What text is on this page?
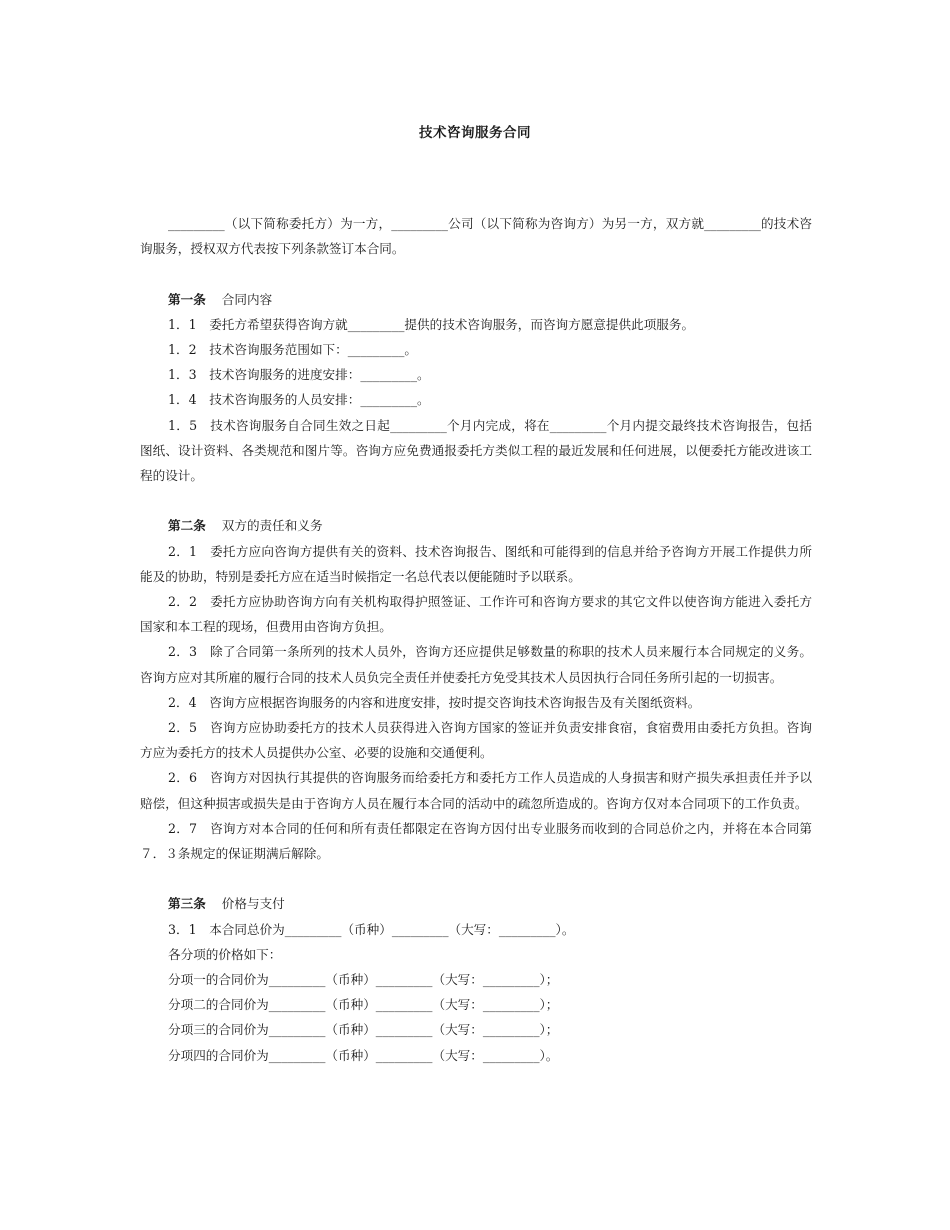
技术咨询服务合同

_________（以下简称委托方）为一方，_________公司（以下简称为咨询方）为另一方，双方就_________的技术咨询服务，授权双方代表按下列条款签订本合同。

第一条 合同内容

1．1　委托方希望获得咨询方就_________提供的技术咨询服务，而咨询方愿意提供此项服务。

1．2　技术咨询服务范围如下：_________。

1．3　技术咨询服务的进度安排：_________。

1．4　技术咨询服务的人员安排：_________。

1．5　技术咨询服务自合同生效之日起_________个月内完成，将在_________个月内提交最终技术咨询报告，包括图纸、设计资料、各类规范和图片等。咨询方应免费通报委托方类似工程的最近发展和任何进展，以便委托方能改进该工程的设计。

第二条 双方的责任和义务

2．1　委托方应向咨询方提供有关的资料、技术咨询报告、图纸和可能得到的信息并给予咨询方开展工作提供力所能及的协助，特别是委托方应在适当时候指定一名总代表以便能随时予以联系。

2．2　委托方应协助咨询方向有关机构取得护照签证、工作许可和咨询方要求的其它文件以使咨询方能进入委托方国家和本工程的现场，但费用由咨询方负担。

2．3　除了合同第一条所列的技术人员外，咨询方还应提供足够数量的称职的技术人员来履行本合同规定的义务。咨询方应对其所雇的履行合同的技术人员负完全责任并使委托方免受其技术人员因执行合同任务所引起的一切损害。

2．4　咨询方应根据咨询服务的内容和进度安排，按时提交咨询技术咨询报告及有关图纸资料。

2．5　咨询方应协助委托方的技术人员获得进入咨询方国家的签证并负责安排食宿，食宿费用由委托方负担。咨询方应为委托方的技术人员提供办公室、必要的设施和交通便利。

2．6　咨询方对因执行其提供的咨询服务而给委托方和委托方工作人员造成的人身损害和财产损失承担责任并予以赔偿，但这种损害或损失是由于咨询方人员在履行本合同的活动中的疏忽所造成的。咨询方仅对本合同项下的工作负责。

2．7　咨询方对本合同的任何和所有责任都限定在咨询方因付出专业服务而收到的合同总价之内，并将在本合同第７．３条规定的保证期满后解除。

第三条 价格与支付

3．1　本合同总价为_________（币种）_________（大写：_________）。

各分项的价格如下：

分项一的合同价为_________（币种）_________（大写：_________）；

分项二的合同价为_________（币种）_________（大写：_________）；

分项三的合同价为_________（币种）_________（大写：_________）；

分项四的合同价为_________（币种）_________（大写：_________）。
